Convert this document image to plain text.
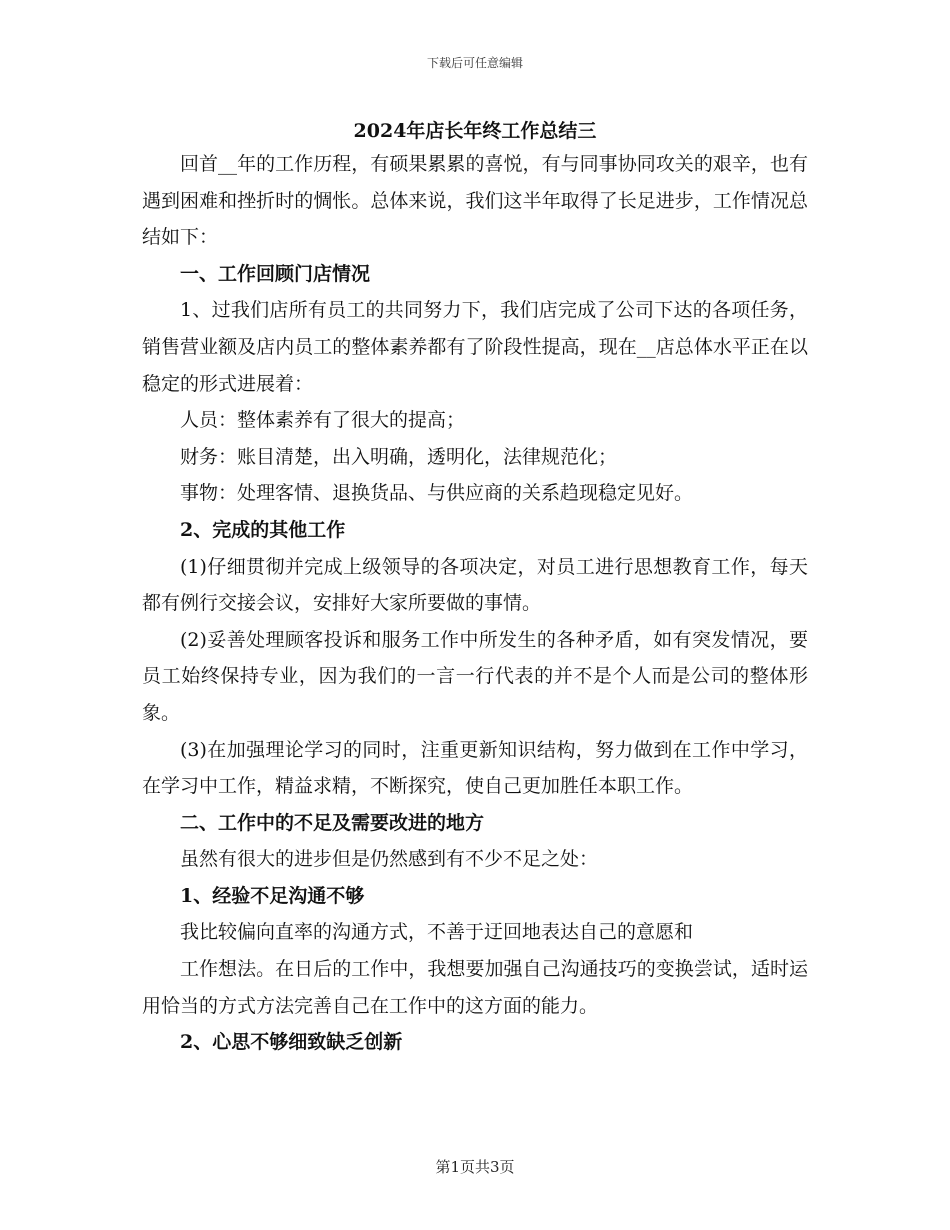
下载后可任意编辑
2024年店长年终工作总结三

回首__年的工作历程，有硕果累累的喜悦，有与同事协同攻关的艰辛，也有遇到困难和挫折时的惆怅。总体来说，我们这半年取得了长足进步，工作情况总结如下：

一、工作回顾门店情况

1、过我们店所有员工的共同努力下，我们店完成了公司下达的各项任务，销售营业额及店内员工的整体素养都有了阶段性提高，现在__店总体水平正在以稳定的形式进展着：

人员：整体素养有了很大的提高；

财务：账目清楚，出入明确，透明化，法律规范化；

事物：处理客情、退换货品、与供应商的关系趋现稳定见好。

2、完成的其他工作

(1)仔细贯彻并完成上级领导的各项决定，对员工进行思想教育工作，每天都有例行交接会议，安排好大家所要做的事情。

(2)妥善处理顾客投诉和服务工作中所发生的各种矛盾，如有突发情况，要员工始终保持专业，因为我们的一言一行代表的并不是个人而是公司的整体形象。

(3)在加强理论学习的同时，注重更新知识结构，努力做到在工作中学习，在学习中工作，精益求精，不断探究，使自己更加胜任本职工作。

二、工作中的不足及需要改进的地方

虽然有很大的进步但是仍然感到有不少不足之处：

1、经验不足沟通不够

我比较偏向直率的沟通方式，不善于迂回地表达自己的意愿和

工作想法。在日后的工作中，我想要加强自己沟通技巧的变换尝试，适时运用恰当的方式方法完善自己在工作中的这方面的能力。

2、心思不够细致缺乏创新

第1页共3页
